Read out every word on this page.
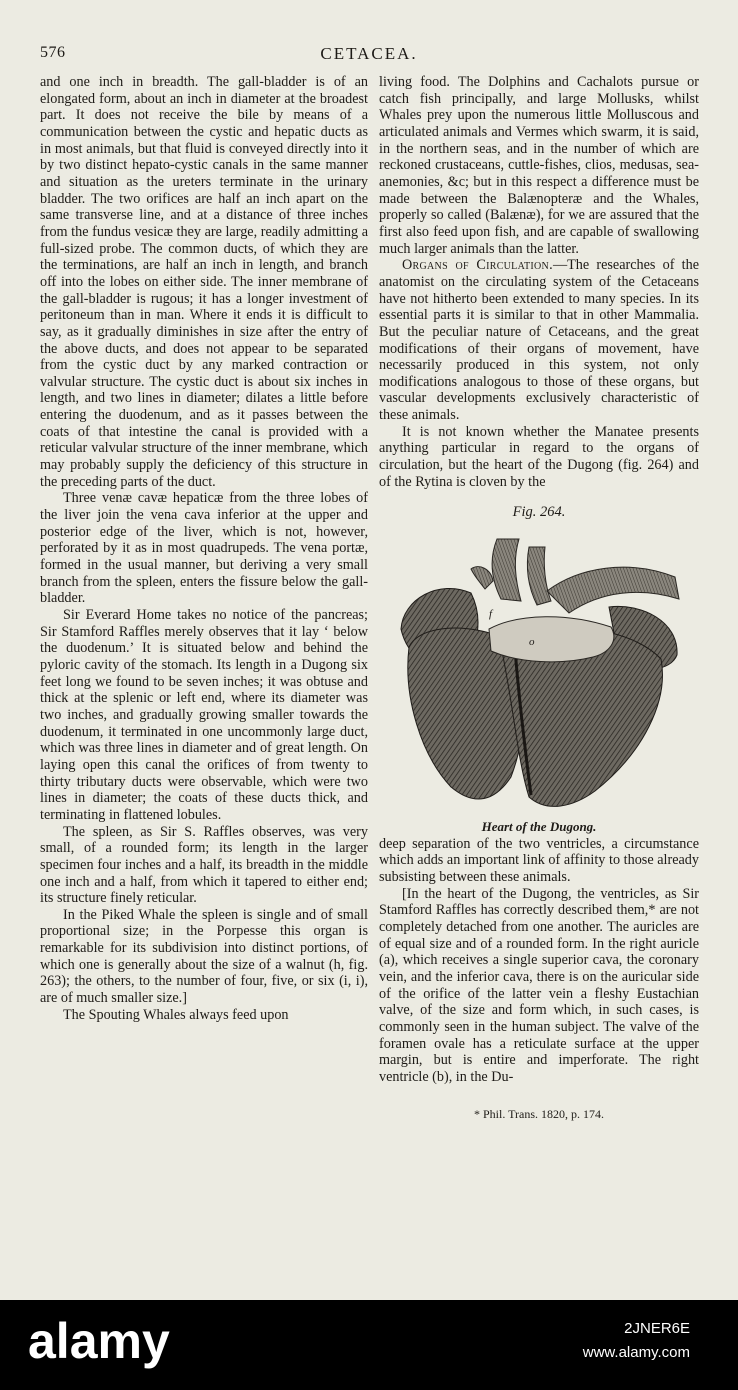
576	CETACEA.

and one inch in breadth. The gall-bladder is of an elongated form, about an inch in diameter at the broadest part. It does not receive the bile by means of a communication between the cystic and hepatic ducts as in most animals, but that fluid is conveyed directly into it by two distinct hepato-cystic canals in the same manner and situation as the ureters terminate in the urinary bladder. The two orifices are half an inch apart on the same transverse line, and at a distance of three inches from the fundus vesicæ they are large, readily admitting a full-sized probe. The common ducts, of which they are the terminations, are half an inch in length, and branch off into the lobes on either side. The inner membrane of the gall-bladder is rugous; it has a longer investment of peritoneum than in man. Where it ends it is difficult to say, as it gradually diminishes in size after the entry of the above ducts, and does not appear to be separated from the cystic duct by any marked contraction or valvular structure. The cystic duct is about six inches in length, and two lines in diameter; dilates a little before entering the duodenum, and as it passes between the coats of that intestine the canal is provided with a reticular valvular structure of the inner membrane, which may probably supply the deficiency of this structure in the preceding parts of the duct.

Three venæ cavæ hepaticæ from the three lobes of the liver join the vena cava inferior at the upper and posterior edge of the liver, which is not, however, perforated by it as in most quadrupeds. The vena portæ, formed in the usual manner, but deriving a very small branch from the spleen, enters the fissure below the gall-bladder.

Sir Everard Home takes no notice of the pancreas; Sir Stamford Raffles merely observes that it lay ‘ below the duodenum.’ It is situated below and behind the pyloric cavity of the stomach. Its length in a Dugong six feet long we found to be seven inches; it was obtuse and thick at the splenic or left end, where its diameter was two inches, and gradually growing smaller towards the duodenum, it terminated in one uncommonly large duct, which was three lines in diameter and of great length. On laying open this canal the orifices of from twenty to thirty tributary ducts were observable, which were two lines in diameter; the coats of these ducts thick, and terminating in flattened lobules.

The spleen, as Sir S. Raffles observes, was very small, of a rounded form; its length in the larger specimen four inches and a half, its breadth in the middle one inch and a half, from which it tapered to either end; its structure finely reticular.

In the Piked Whale the spleen is single and of small proportional size; in the Porpesse this organ is remarkable for its subdivision into distinct portions, of which one is generally about the size of a walnut (h, fig. 263); the others, to the number of four, five, or six (i, i), are of much smaller size.]

The Spouting Whales always feed upon

living food. The Dolphins and Cachalots pursue or catch fish principally, and large Mollusks, whilst Whales prey upon the numerous little Molluscous and articulated animals and Vermes which swarm, it is said, in the northern seas, and in the number of which are reckoned crustaceans, cuttle-fishes, clios, medusas, sea-anemonies, &c; but in this respect a difference must be made between the Balænopteræ and the Whales, properly so called (Balænæ), for we are assured that the first also feed upon fish, and are capable of swallowing much larger animals than the latter.

Organs of Circulation.—The researches of the anatomist on the circulating system of the Cetaceans have not hitherto been extended to many species. In its essential parts it is similar to that in other Mammalia. But the peculiar nature of Cetaceans, and the great modifications of their organs of movement, have necessarily produced in this system, not only modifications analogous to those of these organs, but vascular developments exclusively characteristic of these animals.

It is not known whether the Manatee presents anything particular in regard to the organs of circulation, but the heart of the Dugong (fig. 264) and of the Rytina is cloven by the

Fig. 264.

f
o

Heart of the Dugong.

deep separation of the two ventricles, a circumstance which adds an important link of affinity to those already subsisting between these animals.

[In the heart of the Dugong, the ventricles, as Sir Stamford Raffles has correctly described them,* are not completely detached from one another. The auricles are of equal size and of a rounded form. In the right auricle (a), which receives a single superior cava, the coronary vein, and the inferior cava, there is on the auricular side of the orifice of the latter vein a fleshy Eustachian valve, of the size and form which, in such cases, is commonly seen in the human subject. The valve of the foramen ovale has a reticulate surface at the upper margin, but is entire and imperforate. The right ventricle (b), in the Du-

* Phil. Trans. 1820, p. 174.

alamy	2JNER6E
www.alamy.com
